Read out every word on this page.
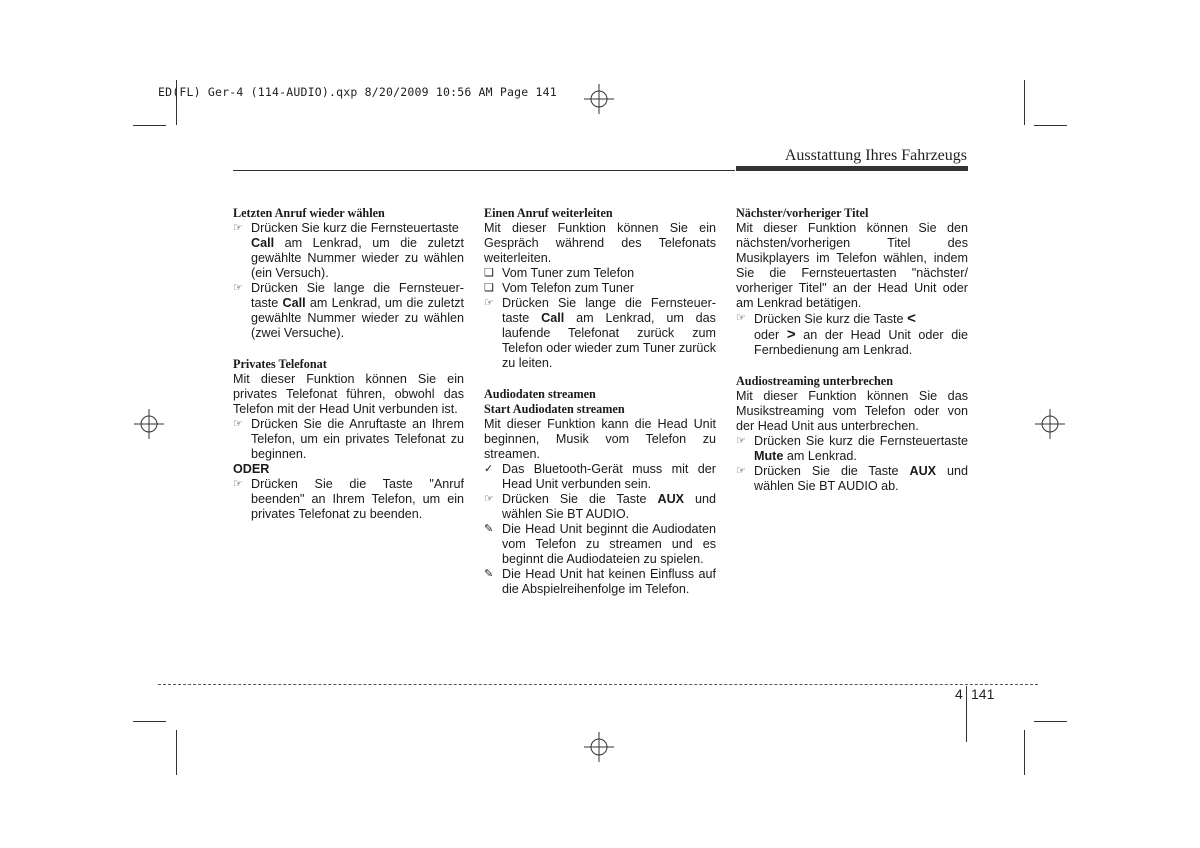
ED(FL) Ger-4 (114-AUDIO).qxp 8/20/2009 10:56 AM Page 141
Ausstattung Ihres Fahrzeugs
Letzten Anruf wieder wählen
☞ Drücken Sie kurz die Fernsteuertaste
Call am Lenkrad, um die zuletzt gewählte Nummer wieder zu wählen (ein Versuch).
☞ Drücken Sie lange die Fernsteuer-taste Call am Lenkrad, um die zuletzt gewählte Nummer wieder zu wählen (zwei Versuche).
Privates Telefonat
Mit dieser Funktion können Sie ein privates Telefonat führen, obwohl das Telefon mit der Head Unit verbunden ist.
☞ Drücken Sie die Anruftaste an Ihrem Telefon, um ein privates Telefonat zu beginnen.
ODER
☞ Drücken Sie die Taste "Anruf beenden" an Ihrem Telefon, um ein privates Telefonat zu beenden.
Einen Anruf weiterleiten
Mit dieser Funktion können Sie ein Gespräch während des Telefonats weiterleiten.
❑ Vom Tuner zum Telefon
❑ Vom Telefon zum Tuner
☞ Drücken Sie lange die Fernsteuer-taste Call am Lenkrad, um das laufende Telefonat zurück zum Telefon oder wieder zum Tuner zurück zu leiten.
Audiodaten streamen
Start Audiodaten streamen
Mit dieser Funktion kann die Head Unit beginnen, Musik vom Telefon zu streamen.
✓ Das Bluetooth-Gerät muss mit der Head Unit verbunden sein.
☞ Drücken Sie die Taste AUX und wählen Sie BT AUDIO.
✎ Die Head Unit beginnt die Audiodaten vom Telefon zu streamen und es beginnt die Audiodateien zu spielen.
✎ Die Head Unit hat keinen Einfluss auf die Abspielreihenfolge im Telefon.
Nächster/vorheriger Titel
Mit dieser Funktion können Sie den nächsten/vorherigen Titel des Musikplayers im Telefon wählen, indem Sie die Fernsteuertasten "nächster/ vorheriger Titel" an der Head Unit oder am Lenkrad betätigen.
☞ Drücken Sie kurz die Taste <
oder > an der Head Unit oder die Fernbedienung am Lenkrad.
Audiostreaming unterbrechen
Mit dieser Funktion können Sie das Musikstreaming vom Telefon oder von der Head Unit aus unterbrechen.
☞ Drücken Sie kurz die Fernsteuertaste Mute am Lenkrad.
☞ Drücken Sie die Taste AUX und wählen Sie BT AUDIO ab.
4 141
